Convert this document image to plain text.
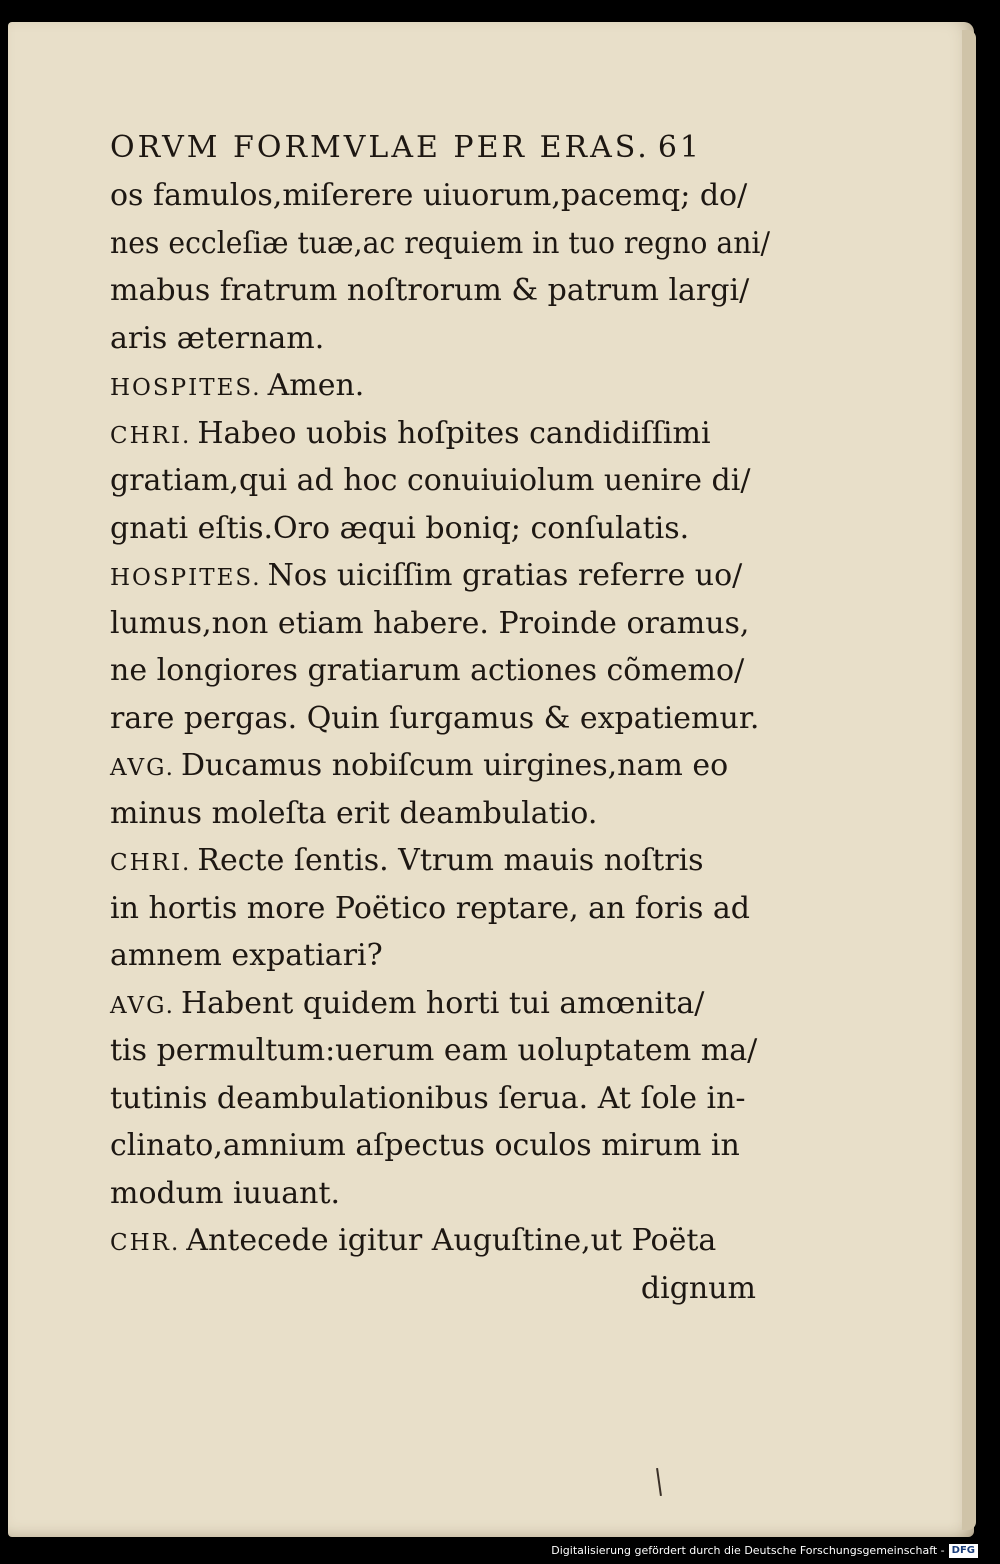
ORVM FORMVLAE PER ERAS. 61
os famulos,miſerere uiuorum,pacemq; do/
nes eccleſiæ tuæ,ac requiem in tuo regno ani/
mabus fratrum noſtrorum & patrum largi/
aris æternam.
HOSPITES. Amen.
CHRI. Habeo uobis hoſpites candidiſſimi
gratiam,qui ad hoc conuiuiolum uenire di/
gnati eſtis.Oro æqui boniq; conſulatis.
HOSPITES. Nos uiciſſim gratias referre uo/
lumus,non etiam habere. Proinde oramus,
ne longiores gratiarum actiones cõmemo/
rare pergas. Quin ſurgamus & expatiemur.
AVG. Ducamus nobiſcum uirgines,nam eo
minus moleſta erit deambulatio.
CHRI. Recte ſentis. Vtrum mauis noſtris
in hortis more Poëtico reptare, an foris ad
amnem expatiari?
AVG. Habent quidem horti tui amœnita/
tis permultum:uerum eam uoluptatem ma/
tutinis deambulationibus ſerua. At ſole in-
clinato,amnium aſpectus oculos mirum in
modum iuuant.
CHR. Antecede igitur Auguſtine,ut Poëta
dignum
Digitalisierung gefördert durch die Deutsche Forschungsgemeinschaft - DFG
